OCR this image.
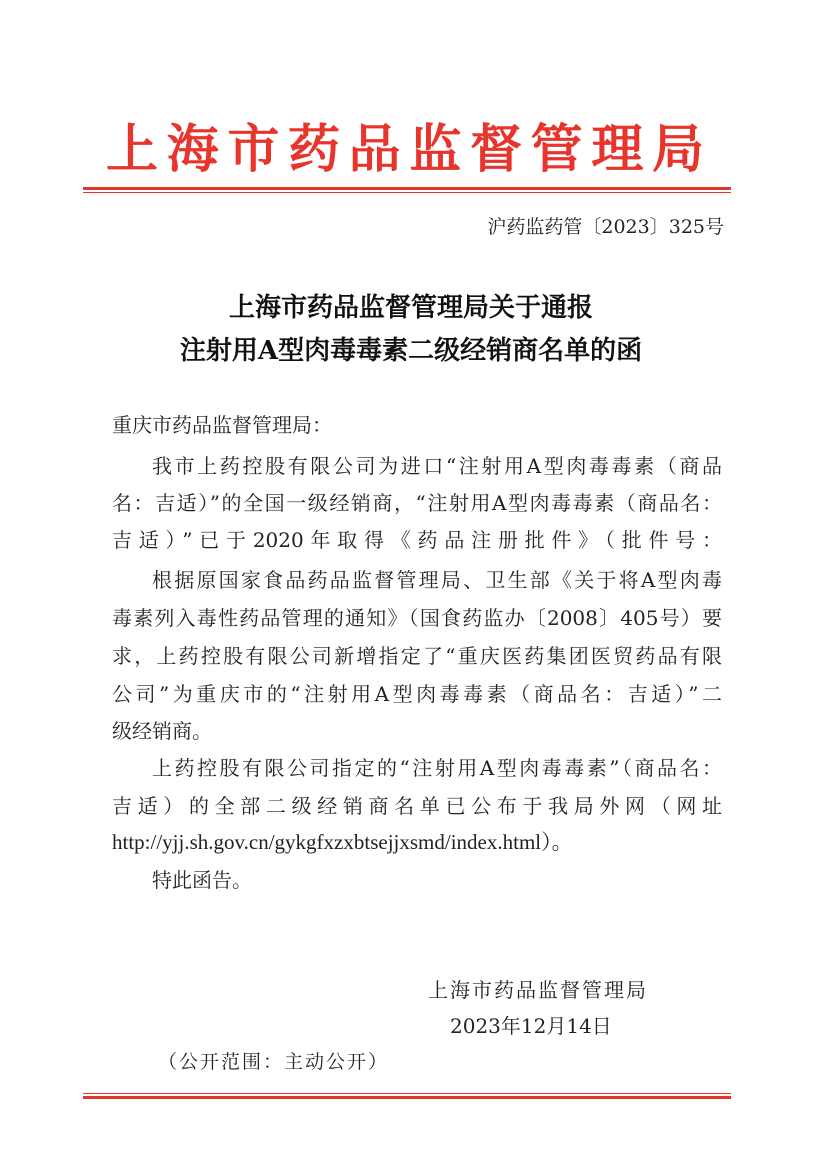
上海市药品监督管理局
沪药监药管〔2023〕325号
上海市药品监督管理局关于通报
注射用A型肉毒毒素二级经销商名单的函
重庆市药品监督管理局：
我市上药控股有限公司为进口“注射用A型肉毒毒素（商品
名：吉适）”的全国一级经销商，“注射用A型肉毒毒素（商品名：
吉适）”已于2020年取得《药品注册批件》（批件号：
根据原国家食品药品监督管理局、卫生部《关于将A型肉毒
毒素列入毒性药品管理的通知》（国食药监办〔2008〕405号）要
求，上药控股有限公司新增指定了“重庆医药集团医贸药品有限
公司”为重庆市的“注射用A型肉毒毒素（商品名：吉适）”二
级经销商。
上药控股有限公司指定的“注射用A型肉毒毒素”（商品名：
吉适）的全部二级经销商名单已公布于我局外网（网址
http://yjj.sh.gov.cn/gykgfxzxbtsejjxsmd/index.html）。
特此函告。
上海市药品监督管理局
2023年12月14日
（公开范围：主动公开）
